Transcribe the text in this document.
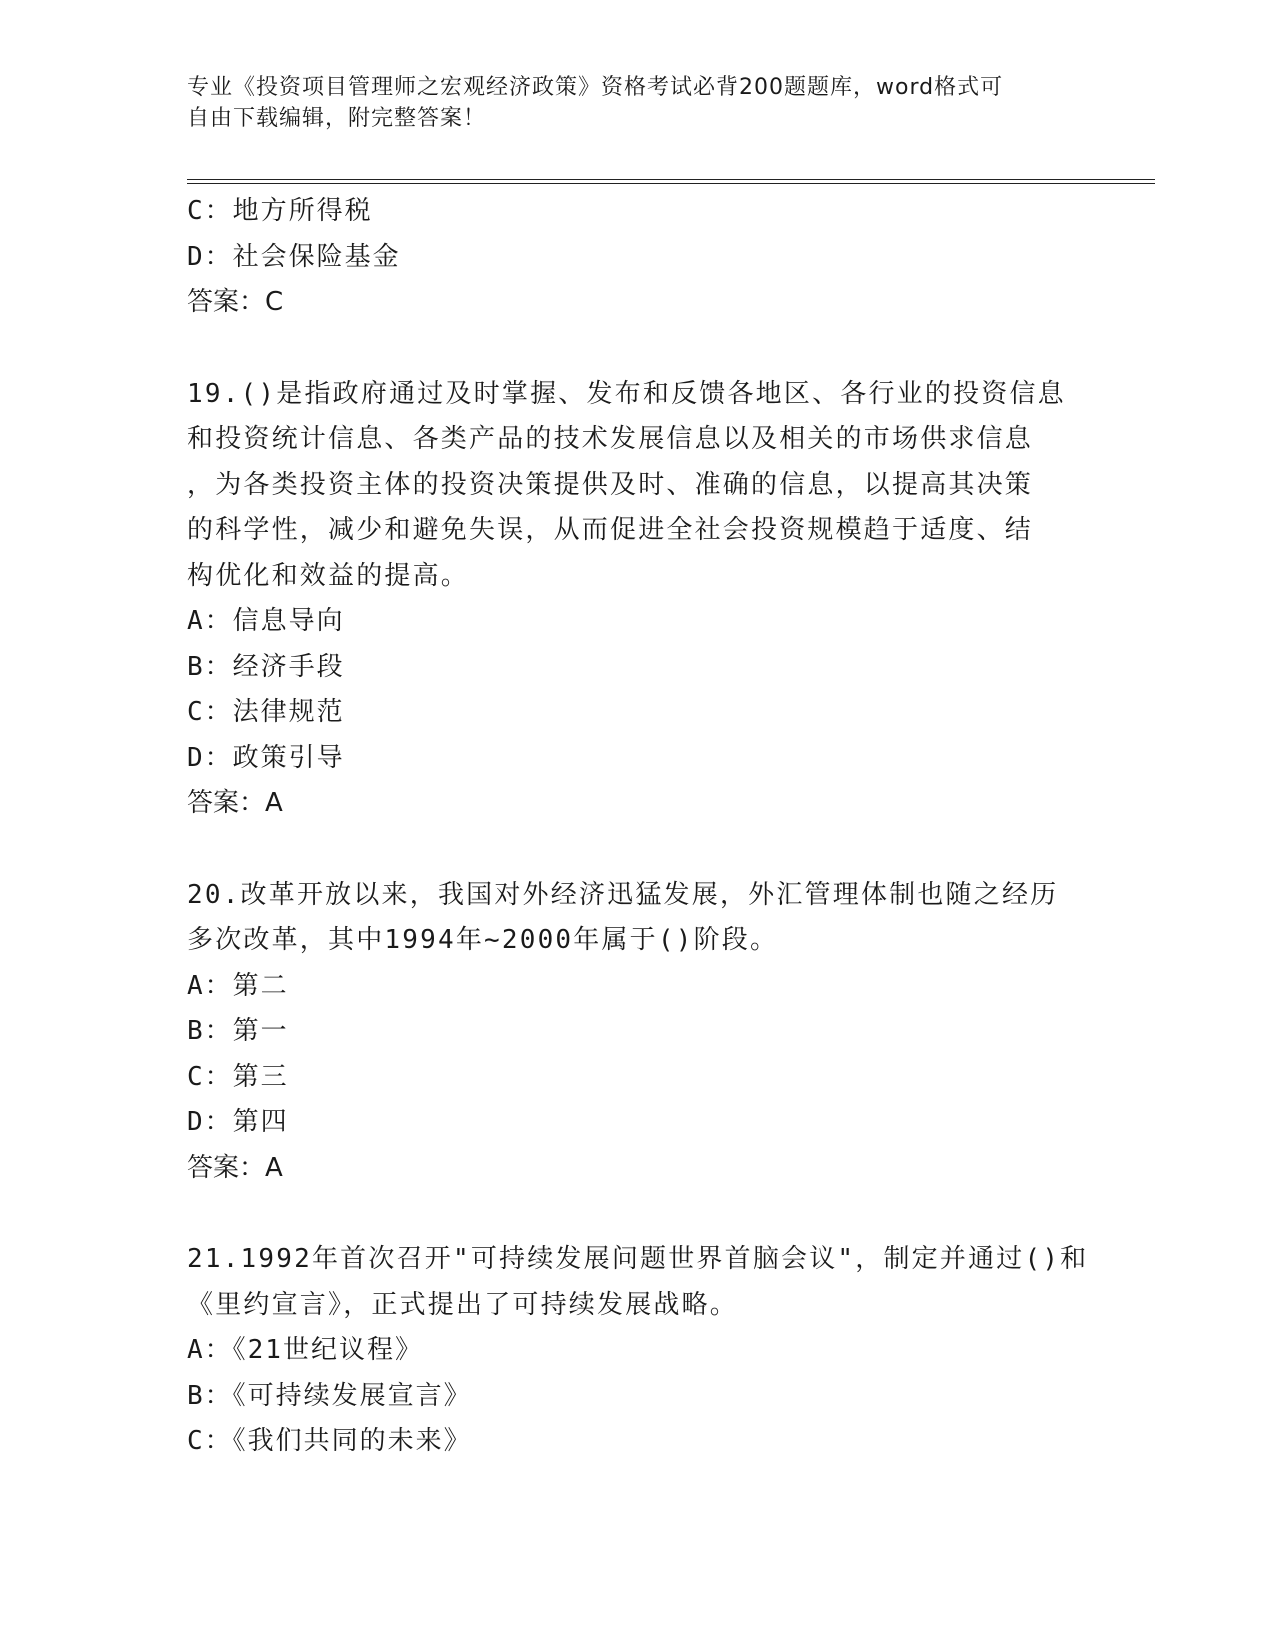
专业《投资项目管理师之宏观经济政策》资格考试必背200题题库，word格式可
自由下载编辑，附完整答案！
C：地方所得税
D：社会保险基金
答案：C
19.()是指政府通过及时掌握、发布和反馈各地区、各行业的投资信息
和投资统计信息、各类产品的技术发展信息以及相关的市场供求信息
，为各类投资主体的投资决策提供及时、准确的信息，以提高其决策
的科学性，减少和避免失误，从而促进全社会投资规模趋于适度、结
构优化和效益的提高。
A：信息导向
B：经济手段
C：法律规范
D：政策引导
答案：A
20.改革开放以来，我国对外经济迅猛发展，外汇管理体制也随之经历
多次改革，其中1994年~2000年属于()阶段。
A：第二
B：第一
C：第三
D：第四
答案：A
21.1992年首次召开"可持续发展问题世界首脑会议"，制定并通过()和
《里约宣言》，正式提出了可持续发展战略。
A：《21世纪议程》
B：《可持续发展宣言》
C：《我们共同的未来》
